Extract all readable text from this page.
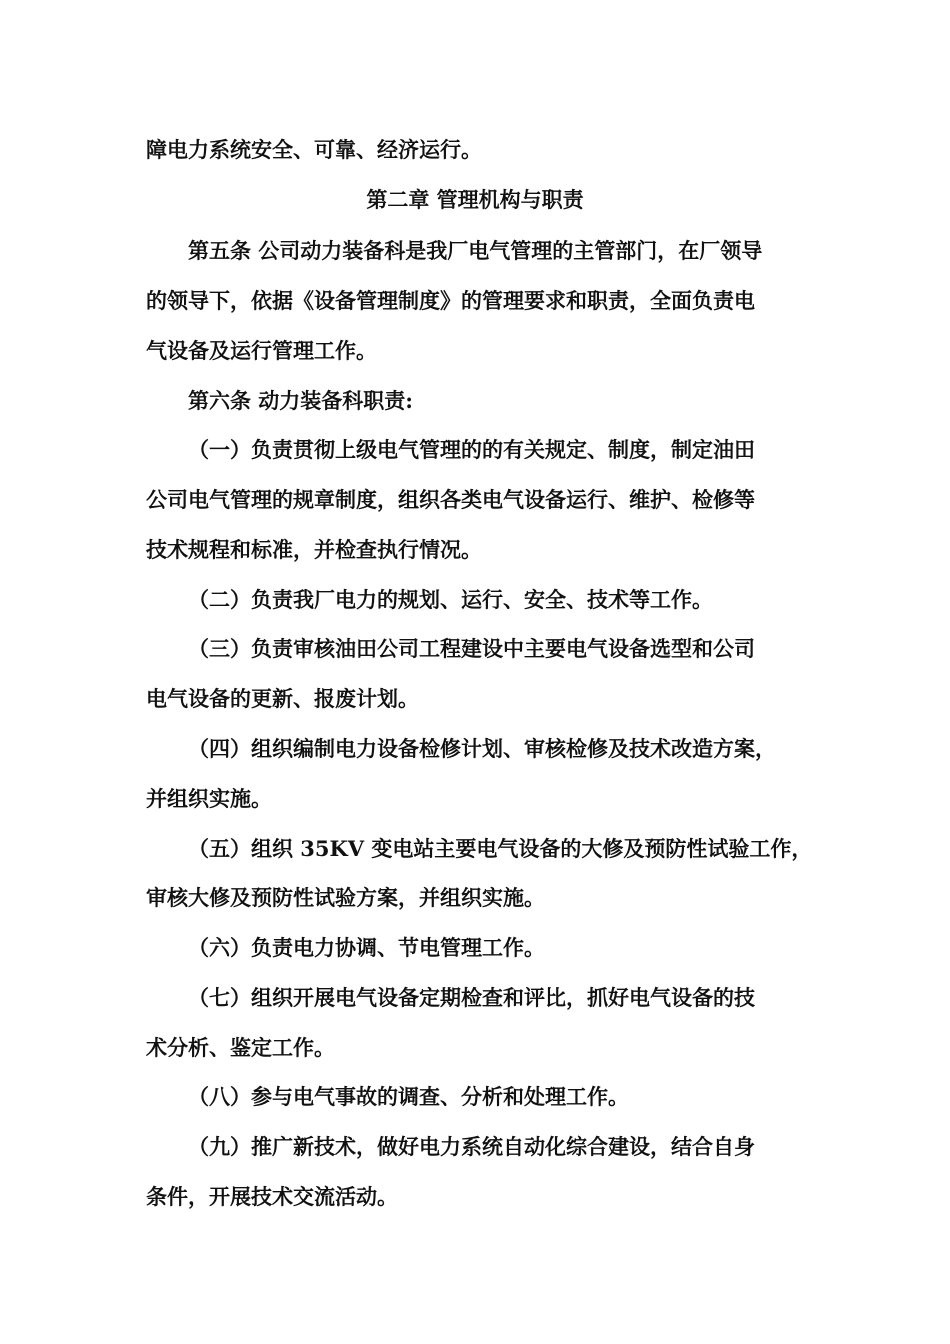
障电力系统安全、可靠、经济运行。
第二章 管理机构与职责
第五条 公司动力装备科是我厂电气管理的主管部门，在厂领导
的领导下，依据《设备管理制度》的管理要求和职责，全面负责电
气设备及运行管理工作。
第六条 动力装备科职责:
（一）负责贯彻上级电气管理的的有关规定、制度，制定油田
公司电气管理的规章制度，组织各类电气设备运行、维护、检修等
技术规程和标准，并检查执行情况。
（二）负责我厂电力的规划、运行、安全、技术等工作。
（三）负责审核油田公司工程建设中主要电气设备选型和公司
电气设备的更新、报废计划。
（四）组织编制电力设备检修计划、审核检修及技术改造方案，
并组织实施。
（五）组织 35KV 变电站主要电气设备的大修及预防性试验工作，
审核大修及预防性试验方案，并组织实施。
（六）负责电力协调、节电管理工作。
（七）组织开展电气设备定期检查和评比，抓好电气设备的技
术分析、鉴定工作。
（八）参与电气事故的调查、分析和处理工作。
（九）推广新技术，做好电力系统自动化综合建设，结合自身
条件，开展技术交流活动。
